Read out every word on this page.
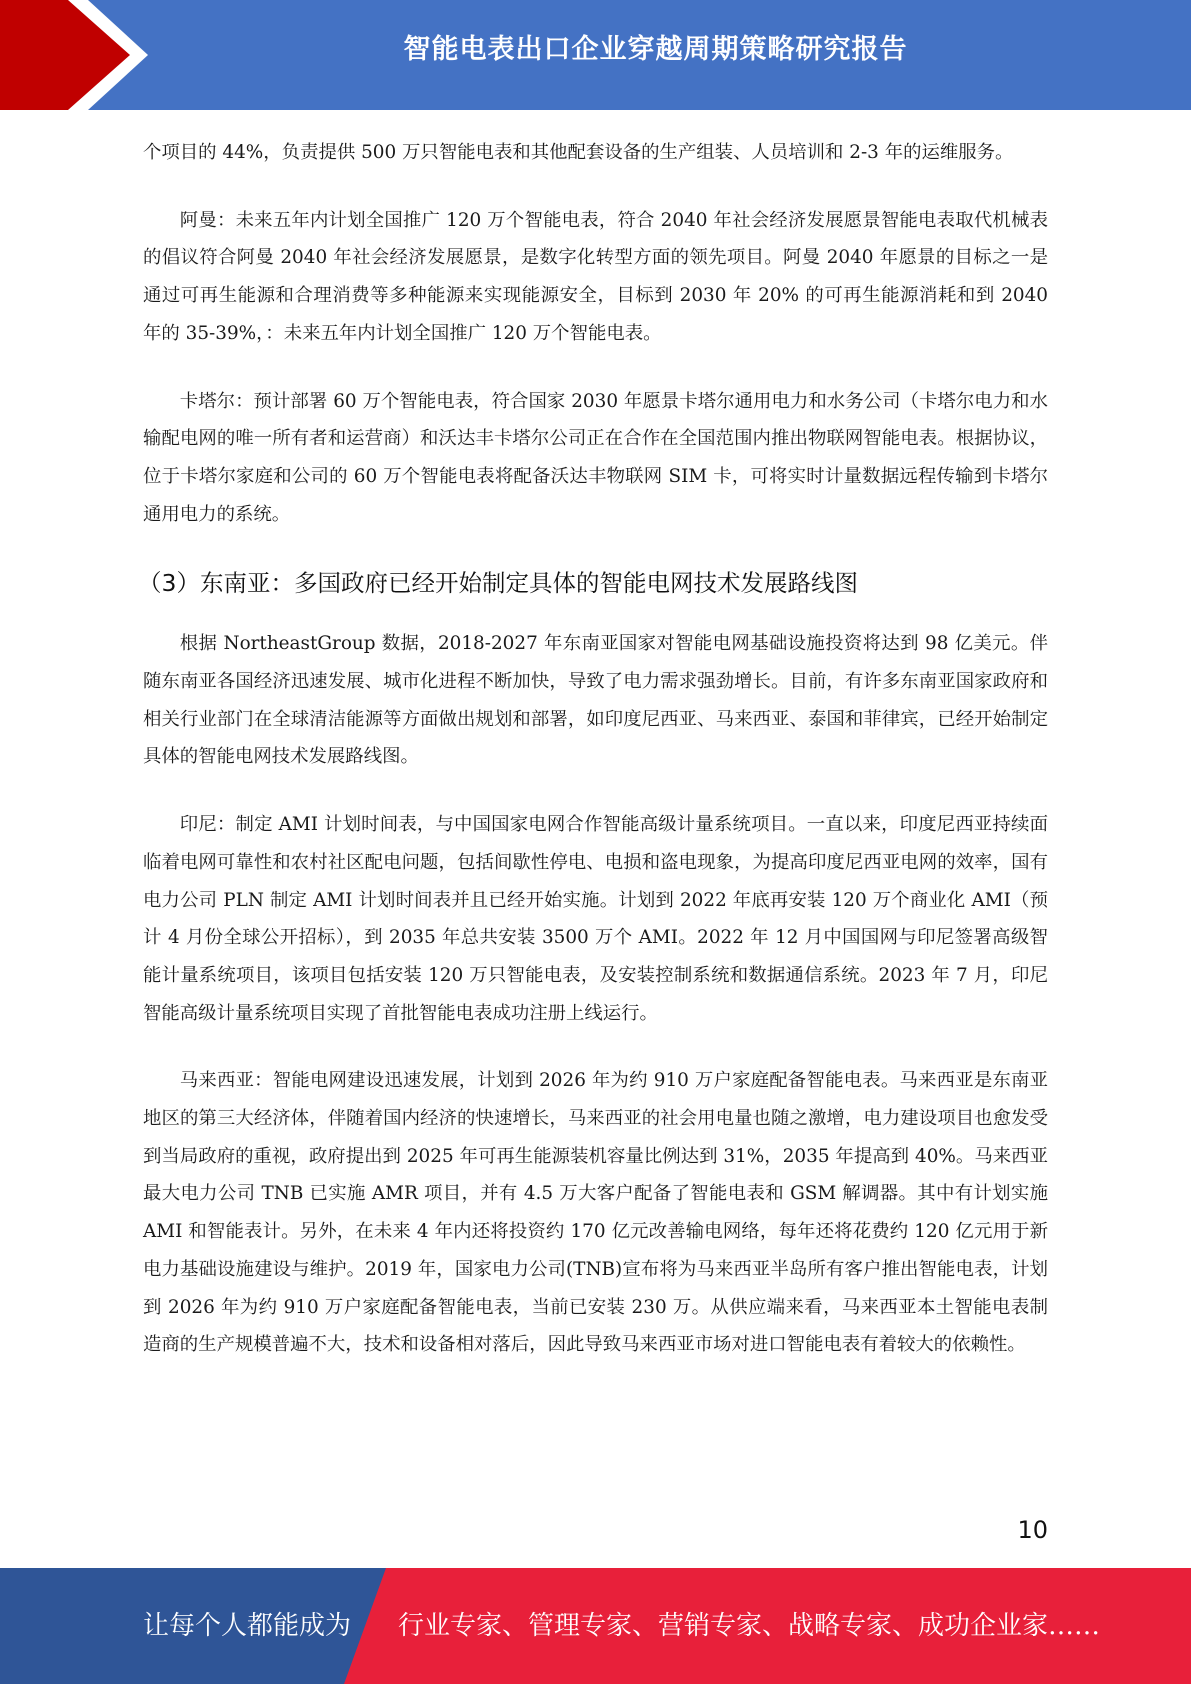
智能电表出口企业穿越周期策略研究报告

个项目的 44%，负责提供 500 万只智能电表和其他配套设备的生产组装、人员培训和 2-3 年的运维服务。

阿曼：未来五年内计划全国推广 120 万个智能电表，符合 2040 年社会经济发展愿景智能电表取代机械表的倡议符合阿曼 2040 年社会经济发展愿景，是数字化转型方面的领先项目。阿曼 2040 年愿景的目标之一是通过可再生能源和合理消费等多种能源来实现能源安全，目标到 2030 年 20% 的可再生能源消耗和到 2040 年的 35-39%，：未来五年内计划全国推广 120 万个智能电表。

卡塔尔：预计部署 60 万个智能电表，符合国家 2030 年愿景卡塔尔通用电力和水务公司（卡塔尔电力和水输配电网的唯一所有者和运营商）和沃达丰卡塔尔公司正在合作在全国范围内推出物联网智能电表。根据协议，位于卡塔尔家庭和公司的 60 万个智能电表将配备沃达丰物联网 SIM 卡，可将实时计量数据远程传输到卡塔尔通用电力的系统。

（3）东南亚：多国政府已经开始制定具体的智能电网技术发展路线图

根据 NortheastGroup 数据，2018-2027 年东南亚国家对智能电网基础设施投资将达到 98 亿美元。伴随东南亚各国经济迅速发展、城市化进程不断加快，导致了电力需求强劲增长。目前，有许多东南亚国家政府和相关行业部门在全球清洁能源等方面做出规划和部署，如印度尼西亚、马来西亚、泰国和菲律宾，已经开始制定具体的智能电网技术发展路线图。

印尼：制定 AMI 计划时间表，与中国国家电网合作智能高级计量系统项目。一直以来，印度尼西亚持续面临着电网可靠性和农村社区配电问题，包括间歇性停电、电损和盗电现象，为提高印度尼西亚电网的效率，国有电力公司 PLN 制定 AMI 计划时间表并且已经开始实施。计划到 2022 年底再安装 120 万个商业化 AMI（预计 4 月份全球公开招标），到 2035 年总共安装 3500 万个 AMI。2022 年 12 月中国国网与印尼签署高级智能计量系统项目，该项目包括安装 120 万只智能电表，及安装控制系统和数据通信系统。2023 年 7 月，印尼智能高级计量系统项目实现了首批智能电表成功注册上线运行。

马来西亚：智能电网建设迅速发展，计划到 2026 年为约 910 万户家庭配备智能电表。马来西亚是东南亚地区的第三大经济体，伴随着国内经济的快速增长，马来西亚的社会用电量也随之激增，电力建设项目也愈发受到当局政府的重视，政府提出到 2025 年可再生能源装机容量比例达到 31%，2035 年提高到 40%。马来西亚最大电力公司 TNB 已实施 AMR 项目，并有 4.5 万大客户配备了智能电表和 GSM 解调器。其中有计划实施 AMI 和智能表计。另外，在未来 4 年内还将投资约 170 亿元改善输电网络，每年还将花费约 120 亿元用于新电力基础设施建设与维护。2019 年，国家电力公司(TNB)宣布将为马来西亚半岛所有客户推出智能电表，计划到 2026 年为约 910 万户家庭配备智能电表，当前已安装 230 万。从供应端来看，马来西亚本土智能电表制造商的生产规模普遍不大，技术和设备相对落后，因此导致马来西亚市场对进口智能电表有着较大的依赖性。

10
让每个人都能成为 行业专家、管理专家、营销专家、战略专家、成功企业家……
